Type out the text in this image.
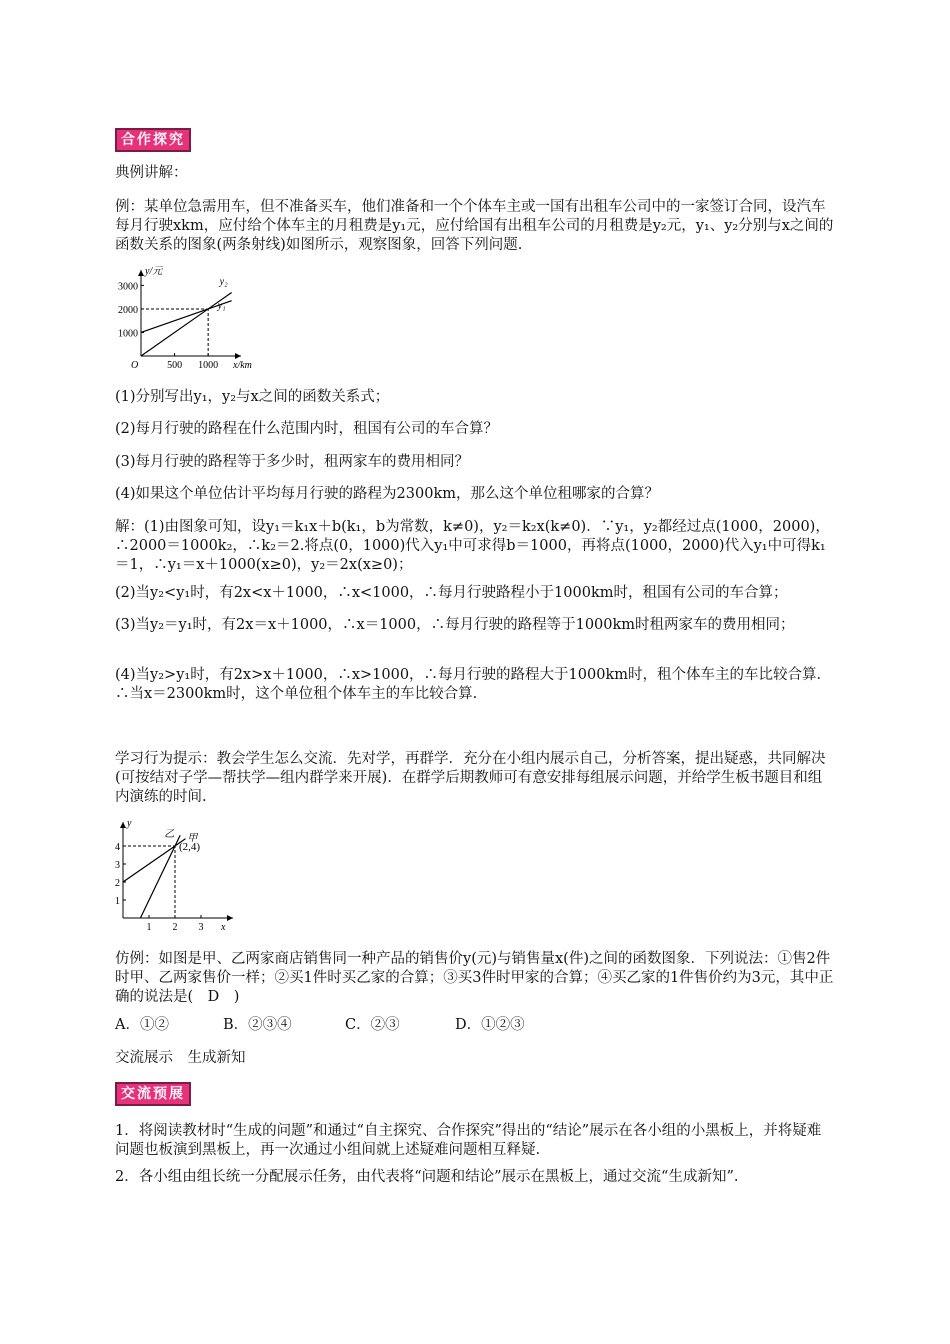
合作探究

典例讲解：

例：某单位急需用车，但不准备买车，他们准备和一个个体车主或一国有出租车公司中的一家签订合同，设汽车每月行驶xkm，应付给个体车主的月租费是y₁元，应付给国有出租车公司的月租费是y₂元，y₁、y₂分别与x之间的函数关系的图象(两条射线)如图所示，观察图象，回答下列问题.

500 1000
1000
2000
3000	y₂
y₁
x/km
y/元
O

(1)分别写出y₁，y₂与x之间的函数关系式；

(2)每月行驶的路程在什么范围内时，租国有公司的车合算？

(3)每月行驶的路程等于多少时，租两家车的费用相同？

(4)如果这个单位估计平均每月行驶的路程为2300km，那么这个单位租哪家的合算？

解：(1)由图象可知，设y₁＝k₁x＋b(k₁，b为常数，k≠0)，y₂＝k₂x(k≠0)．∵y₁，y₂都经过点(1000，2000)，∴2000＝1000k₂，∴k₂＝2.将点(0，1000)代入y₁中可求得b＝1000，再将点(1000，2000)代入y₁中可得k₁＝1，∴y₁＝x＋1000(x≥0)，y₂＝2x(x≥0)；

(2)当y₂<y₁时，有2x<x＋1000，∴x<1000，∴每月行驶路程小于1000km时，租国有公司的车合算；

(3)当y₂＝y₁时，有2x＝x＋1000，∴x＝1000，∴每月行驶的路程等于1000km时租两家车的费用相同；

(4)当y₂>y₁时，有2x>x＋1000，∴x>1000，∴每月行驶的路程大于1000km时，租个体车主的车比较合算．∴当x＝2300km时，这个单位租个体车主的车比较合算.

学习行为提示：教会学生怎么交流．先对学，再群学．充分在小组内展示自己，分析答案，提出疑惑，共同解决(可按结对子学—帮扶学—组内群学来开展)．在群学后期教师可有意安排每组展示问题，并给学生板书题目和组内演练的时间.

1 2 3
1
2
3
4
甲
乙
x
y
(2,4)

仿例：如图是甲、乙两家商店销售同一种产品的销售价y(元)与销售量x(件)之间的函数图象．下列说法：①售2件时甲、乙两家售价一样；②买1件时买乙家的合算；③买3件时甲家的合算；④买乙家的1件售价约为3元，其中正确的说法是(　D　)

A．①②	B．②③④	C．②③	D．①②③

交流展示　生成新知

交流预展

1．将阅读教材时“生成的问题”和通过“自主探究、合作探究”得出的“结论”展示在各小组的小黑板上，并将疑难问题也板演到黑板上，再一次通过小组间就上述疑难问题相互释疑.

2．各小组由组长统一分配展示任务，由代表将“问题和结论”展示在黑板上，通过交流“生成新知”.
